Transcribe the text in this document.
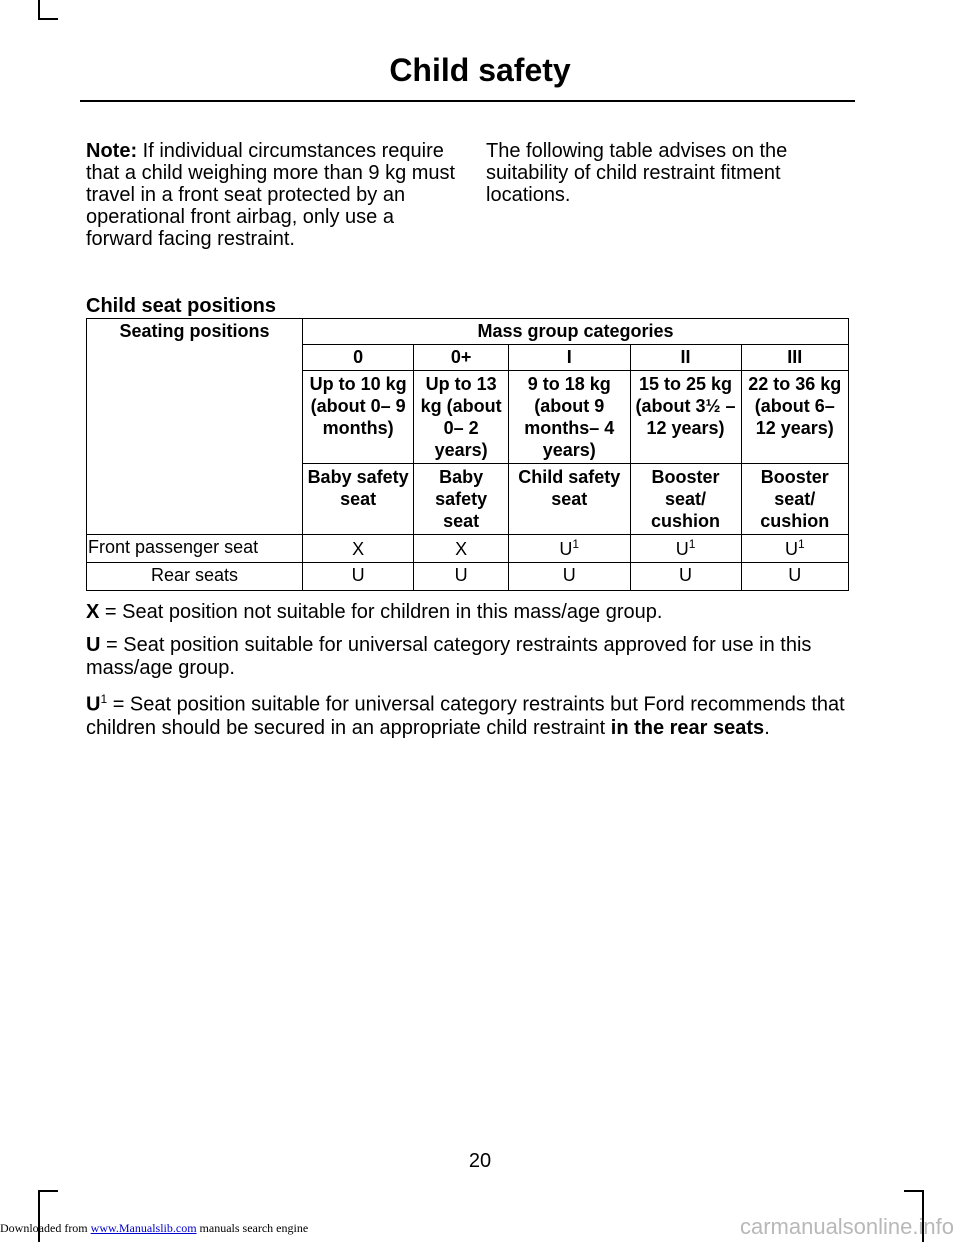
Child safety
Note: If individual circumstances require that a child weighing more than 9 kg must travel in a front seat protected by an operational front airbag, only use a forward facing restraint.
The following table advises on the suitability of child restraint fitment locations.
Child seat positions
Seating positions	Mass group categories				
	0	0+	I	II	III
	Up to 10 kg (about 0– 9 months)	Up to 13 kg (about 0– 2 years)	9 to 18 kg (about 9 months– 4 years)	15 to 25 kg (about 3½ – 12 years)	22 to 36 kg (about 6– 12 years)
	Baby safety seat	Baby safety seat	Child safety seat	Booster seat/ cushion	Booster seat/ cushion
Front passenger seat	X	X	$U^1$	$U^1$	$U^1$
Rear seats	U	U	U	U	U
X = Seat position not suitable for children in this mass/age group.
U = Seat position suitable for universal category restraints approved for use in this mass/age group.
$U^1$ = Seat position suitable for universal category restraints but Ford recommends that children should be secured in an appropriate child restraint in the rear seats.
20
Downloaded from www.Manualslib.com manuals search engine	carmanualsonline.info
